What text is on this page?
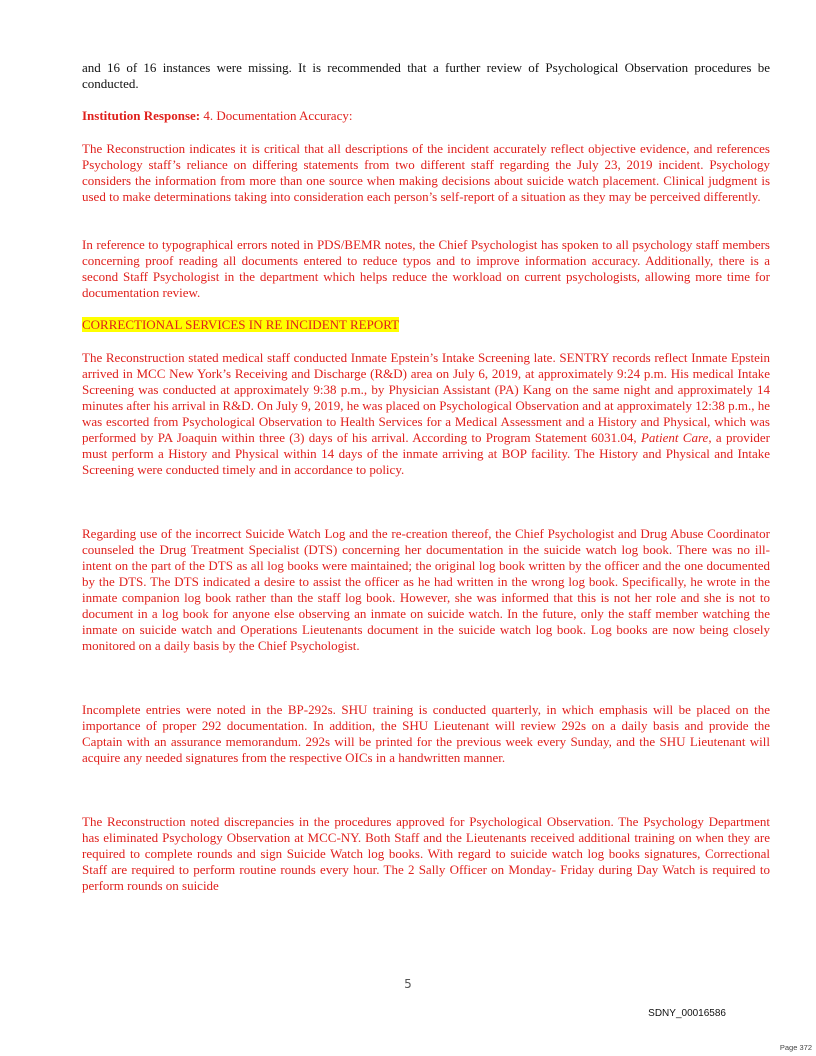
and 16 of 16 instances were missing. It is recommended that a further review of Psychological Observation procedures be conducted.

Institution Response: 4. Documentation Accuracy:

The Reconstruction indicates it is critical that all descriptions of the incident accurately reflect objective evidence, and references Psychology staff’s reliance on differing statements from two different staff regarding the July 23, 2019 incident. Psychology considers the information from more than one source when making decisions about suicide watch placement. Clinical judgment is used to make determinations taking into consideration each person’s self-report of a situation as they may be perceived differently.

In reference to typographical errors noted in PDS/BEMR notes, the Chief Psychologist has spoken to all psychology staff members concerning proof reading all documents entered to reduce typos and to improve information accuracy. Additionally, there is a second Staff Psychologist in the department which helps reduce the workload on current psychologists, allowing more time for documentation review.

CORRECTIONAL SERVICES IN RE INCIDENT REPORT

The Reconstruction stated medical staff conducted Inmate Epstein’s Intake Screening late. SENTRY records reflect Inmate Epstein arrived in MCC New York’s Receiving and Discharge (R&D) area on July 6, 2019, at approximately 9:24 p.m. His medical Intake Screening was conducted at approximately 9:38 p.m., by Physician Assistant (PA) Kang on the same night and approximately 14 minutes after his arrival in R&D. On July 9, 2019, he was placed on Psychological Observation and at approximately 12:38 p.m., he was escorted from Psychological Observation to Health Services for a Medical Assessment and a History and Physical, which was performed by PA Joaquin within three (3) days of his arrival. According to Program Statement 6031.04, Patient Care, a provider must perform a History and Physical within 14 days of the inmate arriving at BOP facility. The History and Physical and Intake Screening were conducted timely and in accordance to policy.

Regarding use of the incorrect Suicide Watch Log and the re-creation thereof, the Chief Psychologist and Drug Abuse Coordinator counseled the Drug Treatment Specialist (DTS) concerning her documentation in the suicide watch log book. There was no ill-intent on the part of the DTS as all log books were maintained; the original log book written by the officer and the one documented by the DTS. The DTS indicated a desire to assist the officer as he had written in the wrong log book. Specifically, he wrote in the inmate companion log book rather than the staff log book. However, she was informed that this is not her role and she is not to document in a log book for anyone else observing an inmate on suicide watch. In the future, only the staff member watching the inmate on suicide watch and Operations Lieutenants document in the suicide watch log book. Log books are now being closely monitored on a daily basis by the Chief Psychologist.

Incomplete entries were noted in the BP-292s. SHU training is conducted quarterly, in which emphasis will be placed on the importance of proper 292 documentation. In addition, the SHU Lieutenant will review 292s on a daily basis and provide the Captain with an assurance memorandum. 292s will be printed for the previous week every Sunday, and the SHU Lieutenant will acquire any needed signatures from the respective OICs in a handwritten manner.

The Reconstruction noted discrepancies in the procedures approved for Psychological Observation. The Psychology Department has eliminated Psychology Observation at MCC-NY. Both Staff and the Lieutenants received additional training on when they are required to complete rounds and sign Suicide Watch log books. With regard to suicide watch log books signatures, Correctional Staff are required to perform routine rounds every hour. The 2 Sally Officer on Monday- Friday during Day Watch is required to perform rounds on suicide

5
SDNY_00016586
Page 372
